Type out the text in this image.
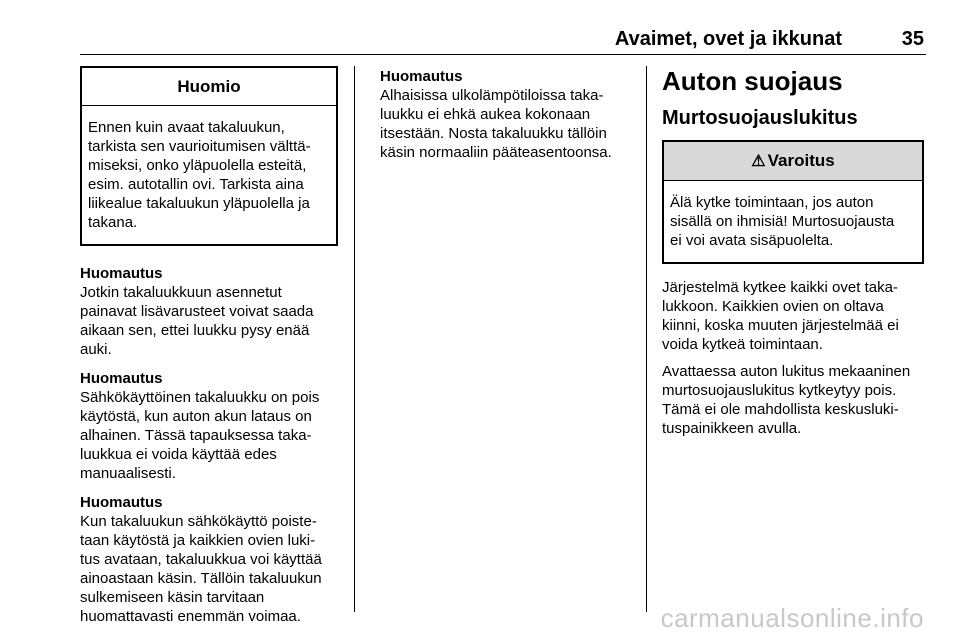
Avaimet, ovet ja ikkunat	35
Huomio
Ennen kuin avaat takaluukun,
tarkista sen vaurioitumisen välttä-
miseksi, onko yläpuolella esteitä,
esim. autotallin ovi. Tarkista aina
liikealue takaluukun yläpuolella ja
takana.
Huomautus
Jotkin takaluukkuun asennetut
painavat lisävarusteet voivat saada
aikaan sen, ettei luukku pysy enää
auki.
Huomautus
Sähkökäyttöinen takaluukku on pois
käytöstä, kun auton akun lataus on
alhainen. Tässä tapauksessa taka-
luukkua ei voida käyttää edes
manuaalisesti.
Huomautus
Kun takaluukun sähkökäyttö poiste-
taan käytöstä ja kaikkien ovien luki-
tus avataan, takaluukkua voi käyttää
ainoastaan käsin. Tällöin takaluukun
sulkemiseen käsin tarvitaan
huomattavasti enemmän voimaa.
Huomautus
Alhaisissa ulkolämpötiloissa taka-
luukku ei ehkä aukea kokonaan
itsestään. Nosta takaluukku tällöin
käsin normaaliin pääteasentoonsa.
Auton suojaus
Murtosuojauslukitus
⚠ Varoitus
Älä kytke toimintaan, jos auton
sisällä on ihmisiä! Murtosuojausta
ei voi avata sisäpuolelta.
Järjestelmä kytkee kaikki ovet taka-
lukkoon. Kaikkien ovien on oltava
kiinni, koska muuten järjestelmää ei
voida kytkeä toimintaan.
Avattaessa auton lukitus mekaaninen
murtosuojauslukitus kytkeytyy pois.
Tämä ei ole mahdollista keskusluki-
tuspainikkeen avulla.
carmanualsonline.info
